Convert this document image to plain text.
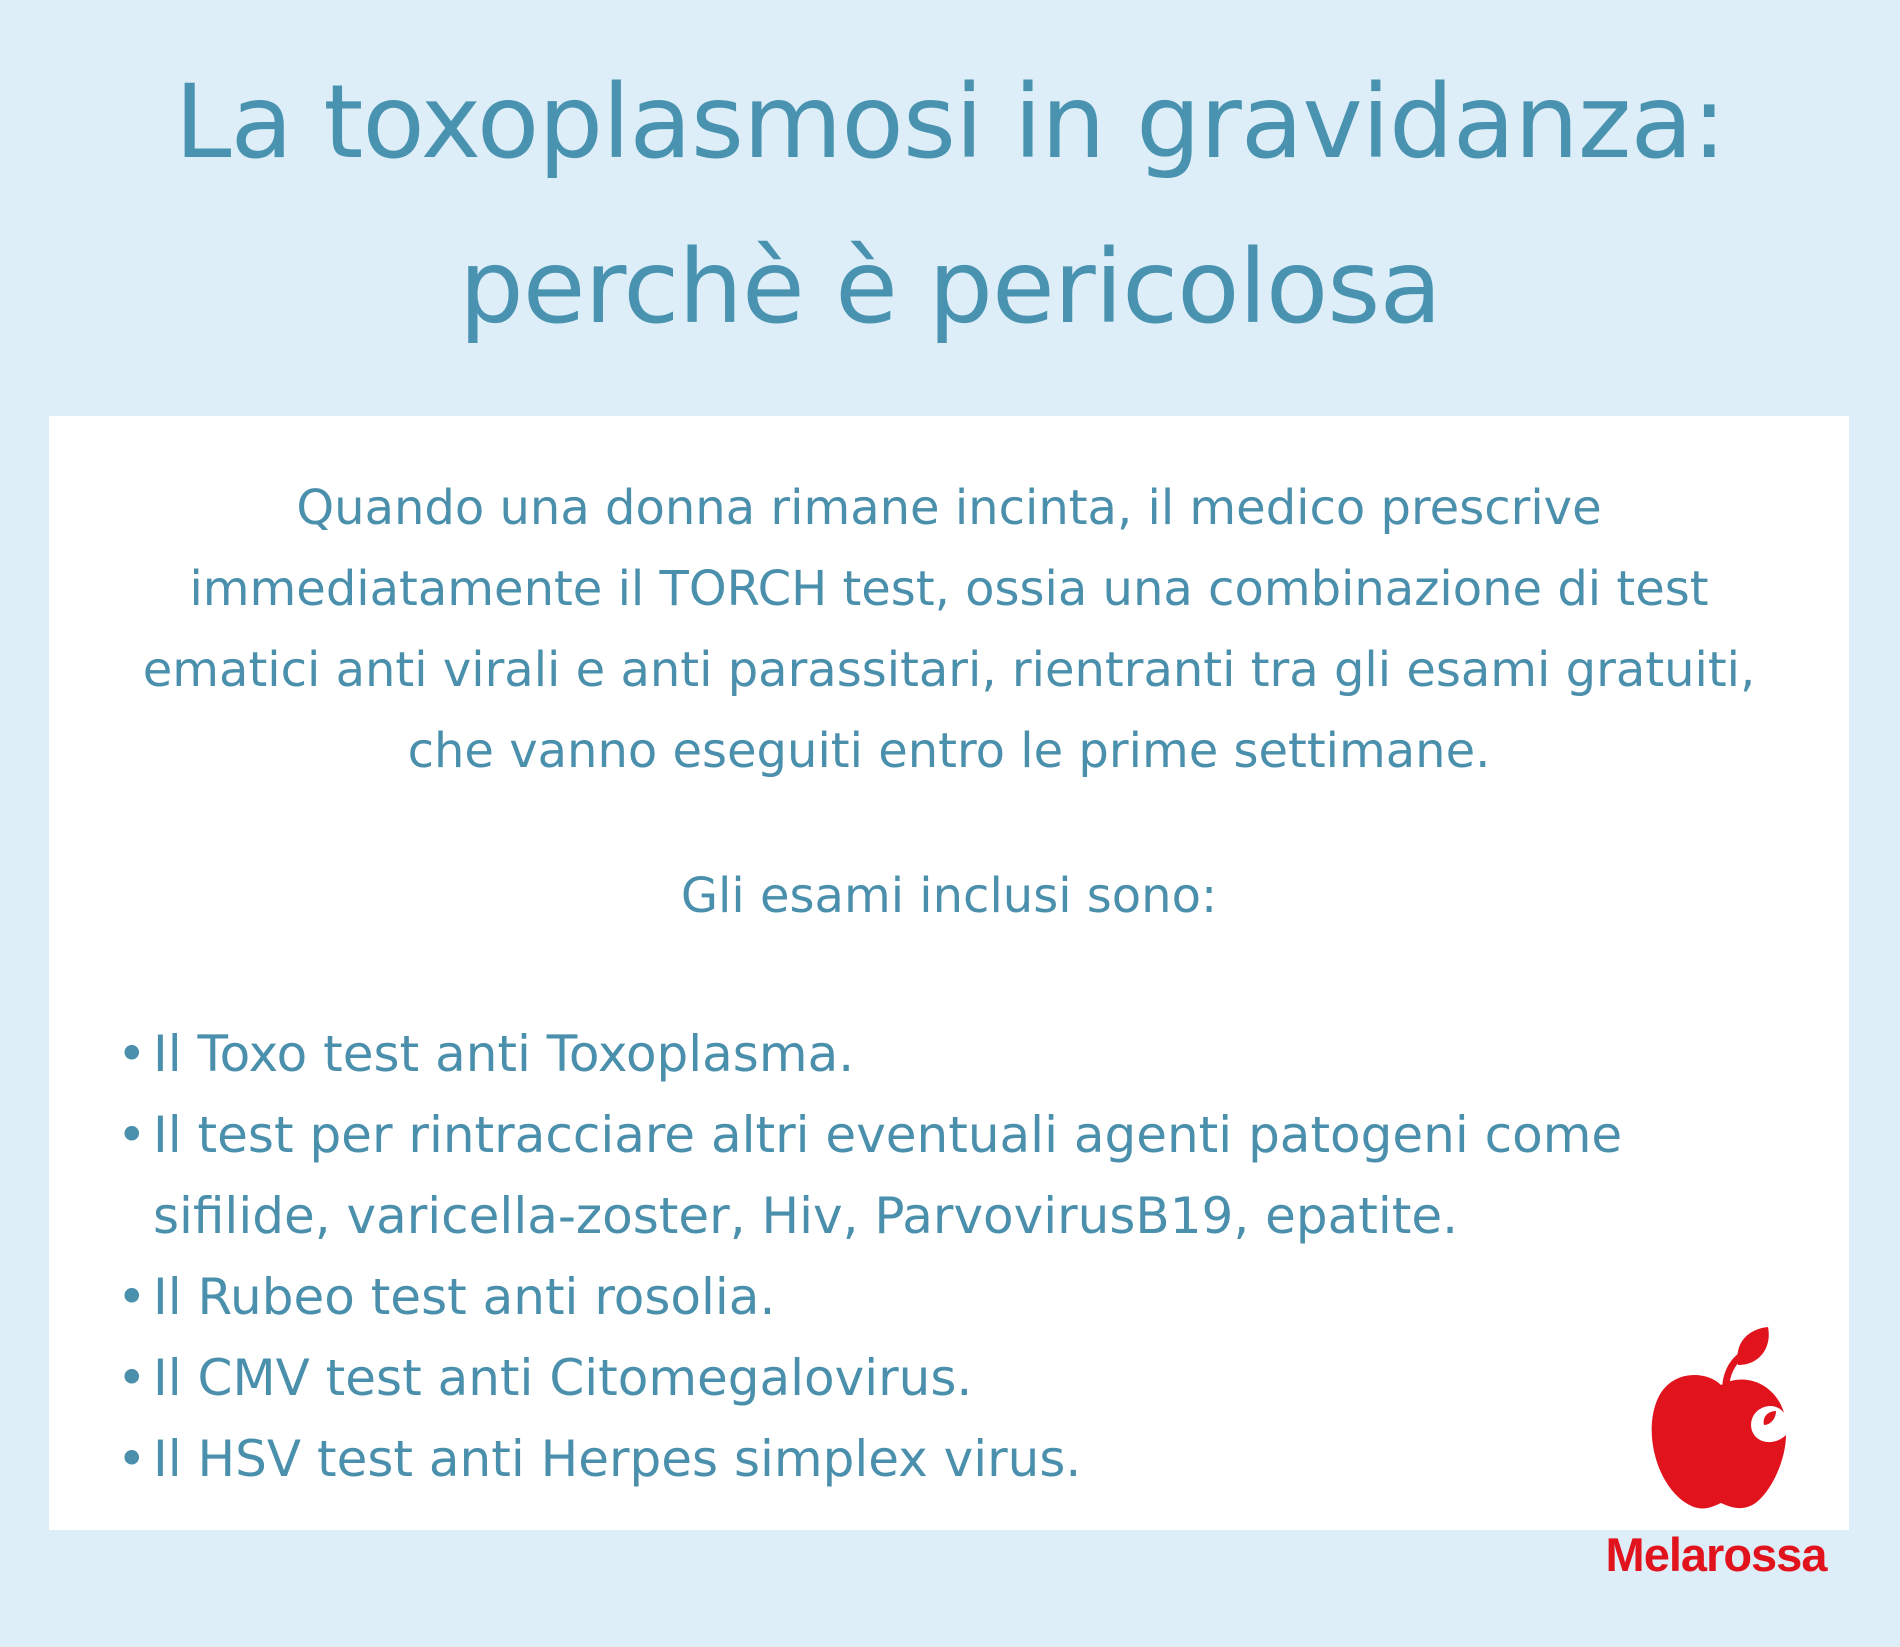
La toxoplasmosi in gravidanza:
perchè è pericolosa
Quando una donna rimane incinta, il medico prescrive
immediatamente il TORCH test, ossia una combinazione di test
ematici anti virali e anti parassitari, rientranti tra gli esami gratuiti,
che vanno eseguiti entro le prime settimane.
Gli esami inclusi sono:
• Il Toxo test anti Toxoplasma.
• Il test per rintracciare altri eventuali agenti patogeni come
sifilide, varicella-zoster, Hiv, ParvovirusB19, epatite.
• Il Rubeo test anti rosolia.
• Il CMV test anti Citomegalovirus.
• Il HSV test anti Herpes simplex virus.
Melarossa
